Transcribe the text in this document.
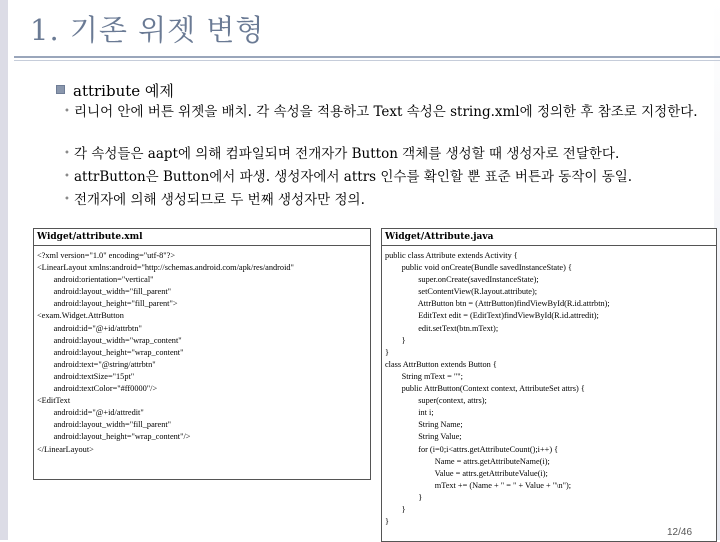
1. 기존 위젯 변형
attribute 예제
• 리니어 안에 버튼 위젯을 배치. 각 속성을 적용하고 Text 속성은 string.xml에 정의한 후 참조로 지정한다.
• 각 속성들은 aapt에 의해 컴파일되며 전개자가 Button 객체를 생성할 때 생성자로 전달한다.
• attrButton은 Button에서 파생. 생성자에서 attrs 인수를 확인할 뿐 표준 버튼과 동작이 동일.
• 전개자에 의해 생성되므로 두 번째 생성자만 정의.
Widget/attribute.xml
<?xml version="1.0" encoding="utf-8"?>
<LinearLayout xmlns:android="http://schemas.android.com/apk/res/android"
android:orientation="vertical"
android:layout_width="fill_parent"
android:layout_height="fill_parent">
<exam.Widget.AttrButton
android:id="@+id/attrbtn"
android:layout_width="wrap_content"
android:layout_height="wrap_content"
android:text="@string/attrbtn"
android:textSize="15pt"
android:textColor="#ff0000"/>
<EditText
android:id="@+id/attredit"
android:layout_width="fill_parent"
android:layout_height="wrap_content"/>
</LinearLayout>
Widget/Attribute.java
public class Attribute extends Activity {
public void onCreate(Bundle savedInstanceState) {
super.onCreate(savedInstanceState);
setContentView(R.layout.attribute);
AttrButton btn = (AttrButton)findViewById(R.id.attrbtn);
EditText edit = (EditText)findViewById(R.id.attredit);
edit.setText(btn.mText);
}
}
class AttrButton extends Button {
String mText = "";
public AttrButton(Context context, AttributeSet attrs) {
super(context, attrs);
int i;
String Name;
String Value;
for (i=0;i<attrs.getAttributeCount();i++) {
Name = attrs.getAttributeName(i);
Value = attrs.getAttributeValue(i);
mText += (Name + " = " + Value + "\n");
}
}
}
12/46
